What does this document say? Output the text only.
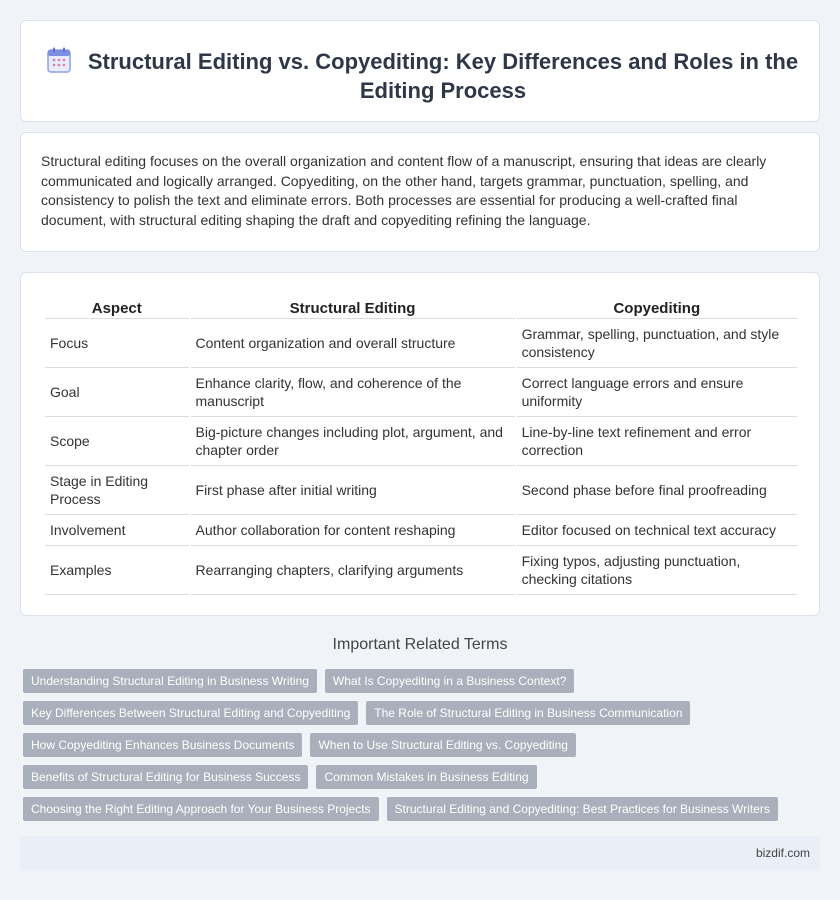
Structural Editing vs. Copyediting: Key Differences and Roles in the Editing Process

Structural editing focuses on the overall organization and content flow of a manuscript, ensuring that ideas are clearly communicated and logically arranged. Copyediting, on the other hand, targets grammar, punctuation, spelling, and consistency to polish the text and eliminate errors. Both processes are essential for producing a well-crafted final document, with structural editing shaping the draft and copyediting refining the language.

Aspect	Structural Editing	Copyediting
Focus	Content organization and overall structure	Grammar, spelling, punctuation, and style consistency
Goal	Enhance clarity, flow, and coherence of the manuscript	Correct language errors and ensure uniformity
Scope	Big-picture changes including plot, argument, and chapter order	Line-by-line text refinement and error correction
Stage in Editing Process	First phase after initial writing	Second phase before final proofreading
Involvement	Author collaboration for content reshaping	Editor focused on technical text accuracy
Examples	Rearranging chapters, clarifying arguments	Fixing typos, adjusting punctuation, checking citations
Important Related Terms
Understanding Structural Editing in Business Writing	What Is Copyediting in a Business Context?
Key Differences Between Structural Editing and Copyediting	The Role of Structural Editing in Business Communication
How Copyediting Enhances Business Documents	When to Use Structural Editing vs. Copyediting
Benefits of Structural Editing for Business Success	Common Mistakes in Business Editing
Choosing the Right Editing Approach for Your Business Projects	Structural Editing and Copyediting: Best Practices for Business Writers
bizdif.com
